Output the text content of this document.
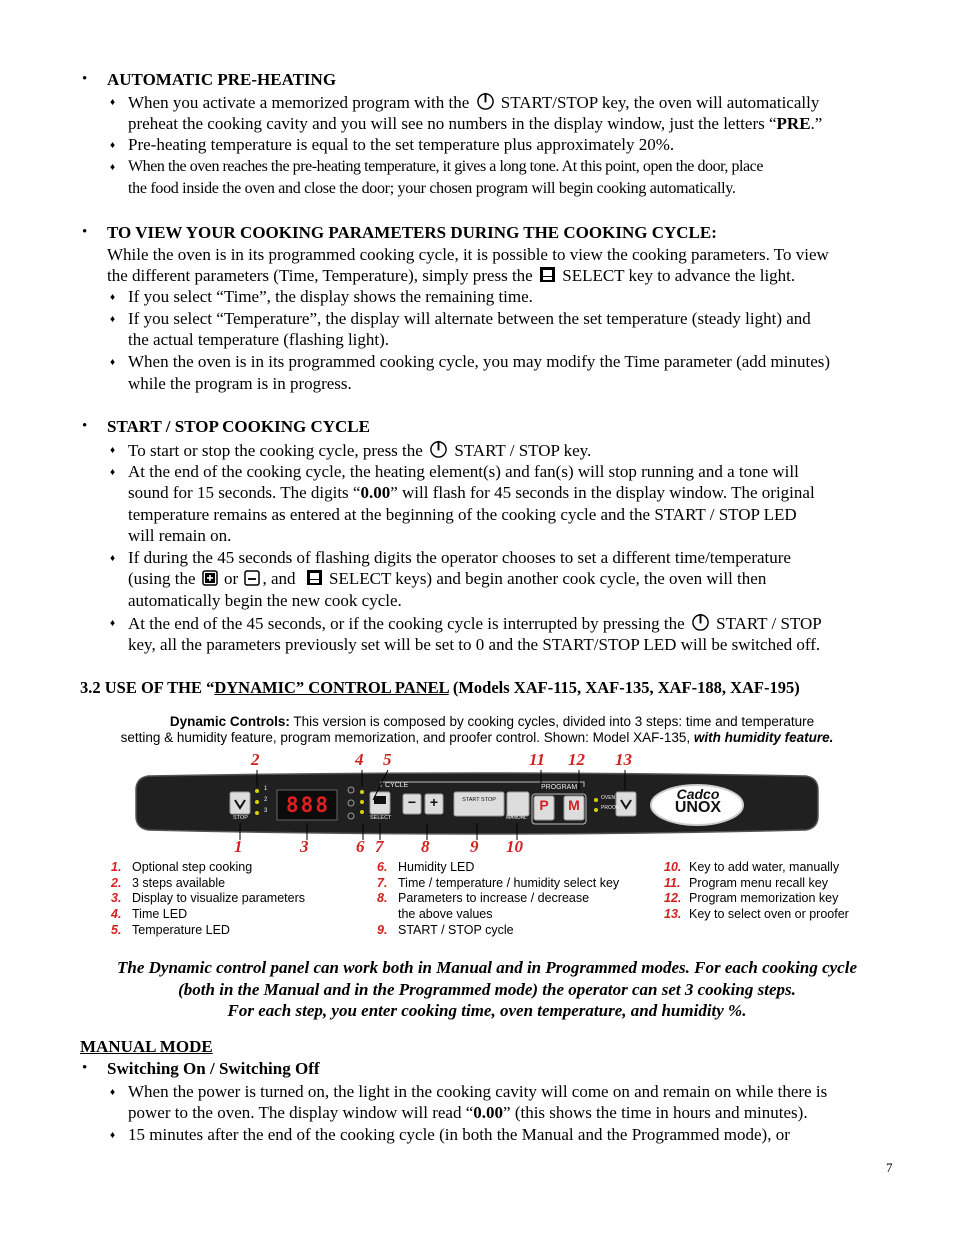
• AUTOMATIC PRE-HEATING
♦ When you activate a memorized program with the START/STOP key, the oven will automatically
preheat the cooking cavity and you will see no numbers in the display window, just the letters “PRE.”
♦ Pre-heating temperature is equal to the set temperature plus approximately 20%.
♦ When the oven reaches the pre-heating temperature, it gives a long tone. At this point, open the door, place
the food inside the oven and close the door; your chosen program will begin cooking automatically.
• TO VIEW YOUR COOKING PARAMETERS DURING THE COOKING CYCLE:
While the oven is in its programmed cooking cycle, it is possible to view the cooking parameters. To view
the different parameters (Time, Temperature), simply press the SELECT key to advance the light.
♦ If you select “Time”, the display shows the remaining time.
♦ If you select “Temperature”, the display will alternate between the set temperature (steady light) and
the actual temperature (flashing light).
♦ When the oven is in its programmed cooking cycle, you may modify the Time parameter (add minutes)
while the program is in progress.
• START / STOP COOKING CYCLE
♦ To start or stop the cooking cycle, press the START / STOP key.
♦ At the end of the cooking cycle, the heating element(s) and fan(s) will stop running and a tone will
sound for 15 seconds. The digits “0.00” will flash for 45 seconds in the display window. The original
temperature remains as entered at the beginning of the cooking cycle and the START / STOP LED
will remain on.
♦ If during the 45 seconds of flashing digits the operator chooses to set a different time/temperature
(using the or , and SELECT keys) and begin another cook cycle, the oven will then
automatically begin the new cook cycle.
♦ At the end of the 45 seconds, or if the cooking cycle is interrupted by pressing the START / STOP
key, all the parameters previously set will be set to 0 and the START/STOP LED will be switched off.
3.2 USE OF THE “DYNAMIC” CONTROL PANEL (Models XAF-115, XAF-135, XAF-188, XAF-195)
Dynamic Controls: This version is composed by cooking cycles, divided into 3 steps: time and temperature
setting & humidity feature, program memorization, and proofer control. Shown: Model XAF-135, with humidity feature.
2	4 5	11 12 13
888
CYCLE	PROGRAM
STOP	SELECT
START STOP
MANUAL
OVEN
PROOF
1
2
3
− +	P	M
Cadco
UNOX
1	3	6 7 8 9 10
1. Optional step cooking
2. 3 steps available
3. Display to visualize parameters
4. Time LED
5. Temperature LED
6. Humidity LED
7. Time / temperature / humidity select key
8. Parameters to increase / decrease
the above values
9. START / STOP cycle
10. Key to add water, manually
11. Program menu recall key
12. Program memorization key
13. Key to select oven or proofer
The Dynamic control panel can work both in Manual and in Programmed modes. For each cooking cycle
(both in the Manual and in the Programmed mode) the operator can set 3 cooking steps.
For each step, you enter cooking time, oven temperature, and humidity %.
MANUAL MODE
• Switching On / Switching Off
♦ When the power is turned on, the light in the cooking cavity will come on and remain on while there is
power to the oven. The display window will read “0.00” (this shows the time in hours and minutes).
♦ 15 minutes after the end of the cooking cycle (in both the Manual and the Programmed mode), or
7
